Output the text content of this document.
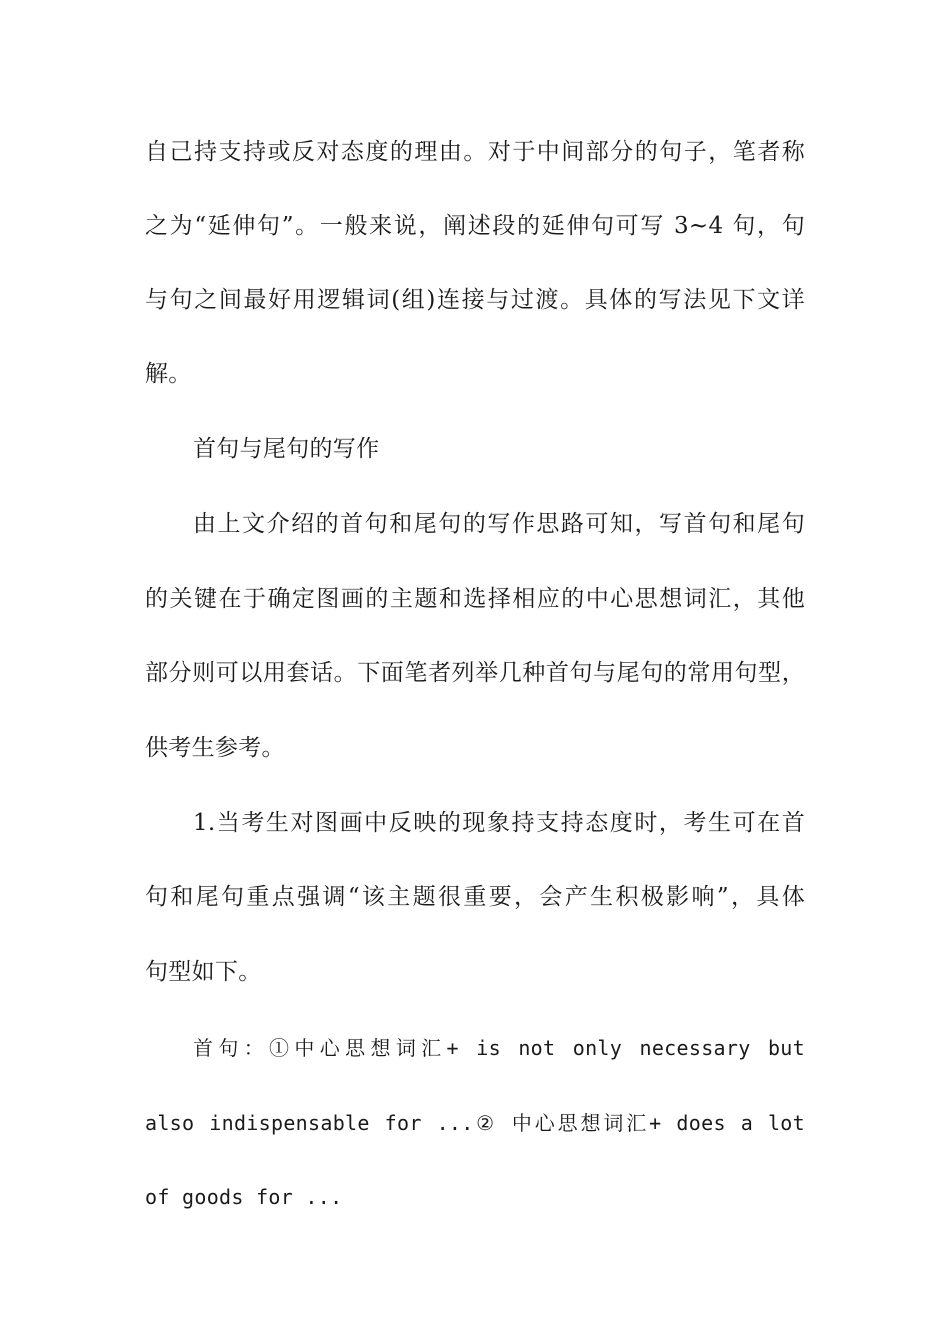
自己持支持或反对态度的理由。对于中间部分的句子，笔者称
之为“延伸句”。一般来说，阐述段的延伸句可写 3~4 句，句
与句之间最好用逻辑词(组)连接与过渡。具体的写法见下文详
解。
首句与尾句的写作
由上文介绍的首句和尾句的写作思路可知，写首句和尾句
的关键在于确定图画的主题和选择相应的中心思想词汇，其他
部分则可以用套话。下面笔者列举几种首句与尾句的常用句型，
供考生参考。
1.当考生对图画中反映的现象持支持态度时，考生可在首
句和尾句重点强调“该主题很重要，会产生积极影响”，具体
句型如下。
首句：①中心思想词汇+ is not only necessary but
also indispensable for ...② 中心思想词汇+ does a lot
of goods for ...
